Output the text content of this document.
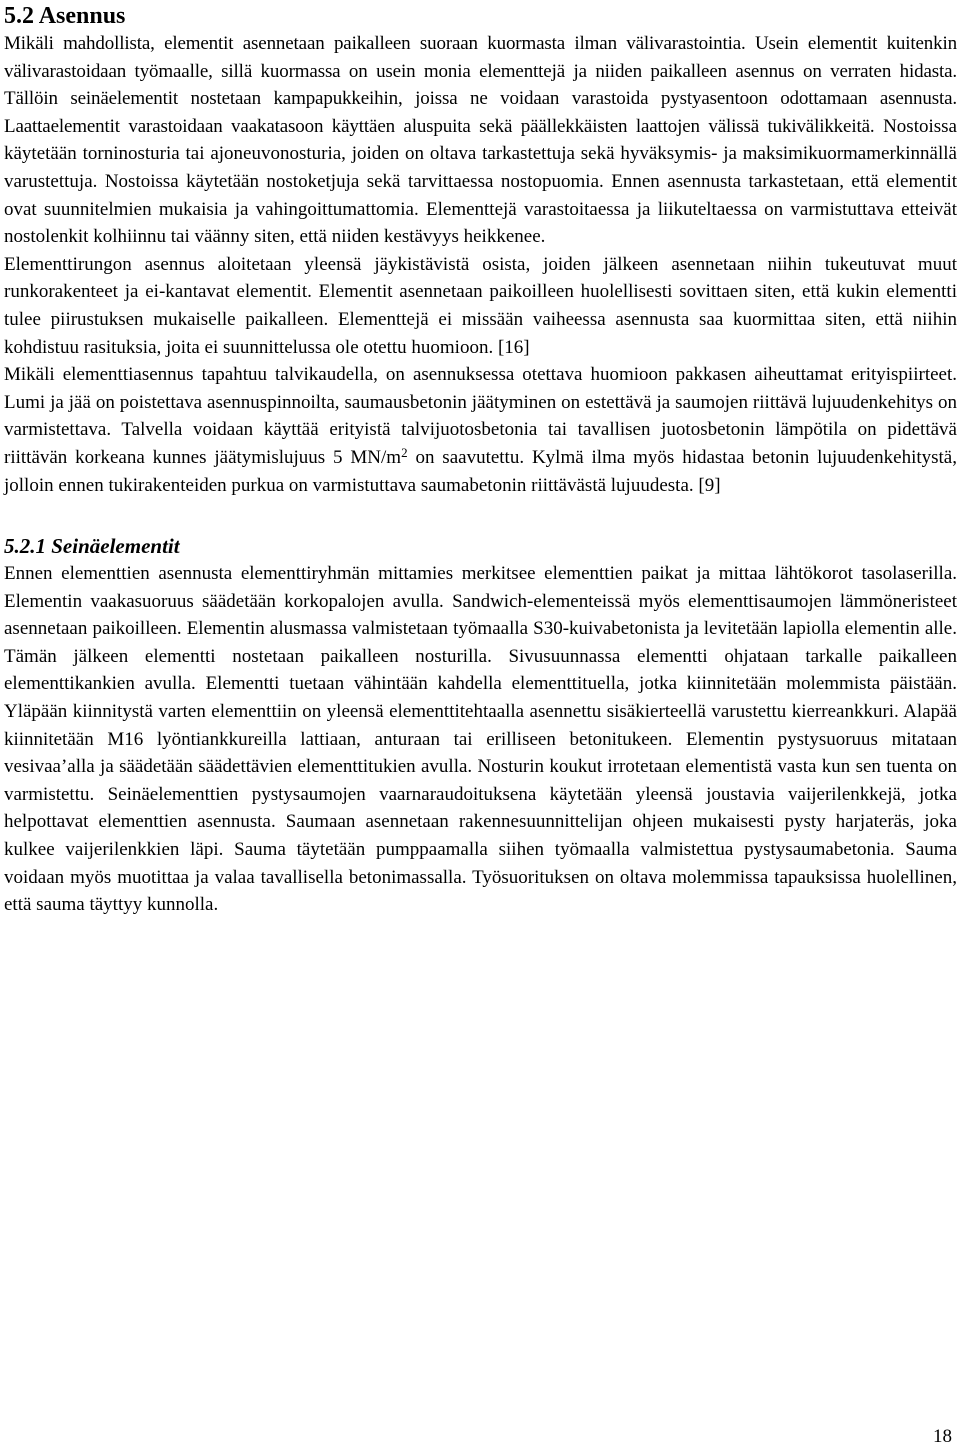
5.2 Asennus

Mikäli mahdollista, elementit asennetaan paikalleen suoraan kuormasta ilman välivarastointia. Usein elementit kuitenkin välivarastoidaan työmaalle, sillä kuormassa on usein monia elementtejä ja niiden paikalleen asennus on verraten hidasta. Tällöin seinäelementit nostetaan kampapukkeihin, joissa ne voidaan varastoida pystyasentoon odottamaan asennusta. Laattaelementit varastoidaan vaakatasoon käyttäen aluspuita sekä päällekkäisten laattojen välissä tukivälikkeitä. Nostoissa käytetään torninosturia tai ajoneuvonosturia, joiden on oltava tarkastettuja sekä hyväksymis- ja maksimikuormamerkinnällä varustettuja. Nostoissa käytetään nostoketjuja sekä tarvittaessa nostopuomia. Ennen asennusta tarkastetaan, että elementit ovat suunnitelmien mukaisia ja vahingoittumattomia. Elementtejä varastoitaessa ja liikuteltaessa on varmistuttava etteivät nostolenkit kolhiinnu tai väänny siten, että niiden kestävyys heikkenee.

Elementtirungon asennus aloitetaan yleensä jäykistävistä osista, joiden jälkeen asennetaan niihin tukeutuvat muut runkorakenteet ja ei-kantavat elementit. Elementit asennetaan paikoilleen huolellisesti sovittaen siten, että kukin elementti tulee piirustuksen mukaiselle paikalleen. Elementtejä ei missään vaiheessa asennusta saa kuormittaa siten, että niihin kohdistuu rasituksia, joita ei suunnittelussa ole otettu huomioon. [16]

Mikäli elementtiasennus tapahtuu talvikaudella, on asennuksessa otettava huomioon pakkasen aiheuttamat erityispiirteet. Lumi ja jää on poistettava asennuspinnoilta, saumausbetonin jäätyminen on estettävä ja saumojen riittävä lujuudenkehitys on varmistettava. Talvella voidaan käyttää erityistä talvijuotosbetonia tai tavallisen juotosbetonin lämpötila on pidettävä riittävän korkeana kunnes jäätymislujuus 5 $MN/m^2$ on saavutettu. Kylmä ilma myös hidastaa betonin lujuudenkehitystä, jolloin ennen tukirakenteiden purkua on varmistuttava saumabetonin riittävästä lujuudesta. [9]

5.2.1 Seinäelementit

Ennen elementtien asennusta elementtiryhmän mittamies merkitsee elementtien paikat ja mittaa lähtökorot tasolaserilla. Elementin vaakasuoruus säädetään korkopalojen avulla. Sandwich-elementeissä myös elementtisaumojen lämmöneristeet asennetaan paikoilleen. Elementin alusmassa valmistetaan työmaalla S30-kuivabetonista ja levitetään lapiolla elementin alle. Tämän jälkeen elementti nostetaan paikalleen nosturilla. Sivusuunnassa elementti ohjataan tarkalle paikalleen elementtikankien avulla. Elementti tuetaan vähintään kahdella elementtituella, jotka kiinnitetään molemmista päistään. Yläpään kiinnitystä varten elementtiin on yleensä elementtitehtaalla asennettu sisäkierteellä varustettu kierreankkuri. Alapää kiinnitetään M16 lyöntiankkureilla lattiaan, anturaan tai erilliseen betonitukeen. Elementin pystysuoruus mitataan vesivaa’alla ja säädetään säädettävien elementtitukien avulla. Nosturin koukut irrotetaan elementistä vasta kun sen tuenta on varmistettu. Seinäelementtien pystysaumojen vaarnaraudoituksena käytetään yleensä joustavia vaijerilenkkejä, jotka helpottavat elementtien asennusta. Saumaan asennetaan rakennesuunnittelijan ohjeen mukaisesti pysty harjateräs, joka kulkee vaijerilenkkien läpi. Sauma täytetään pumppaamalla siihen työmaalla valmistettua pystysaumabetonia. Sauma voidaan myös muotittaa ja valaa tavallisella betonimassalla. Työsuorituksen on oltava molemmissa tapauksissa huolellinen, että sauma täyttyy kunnolla.

18
